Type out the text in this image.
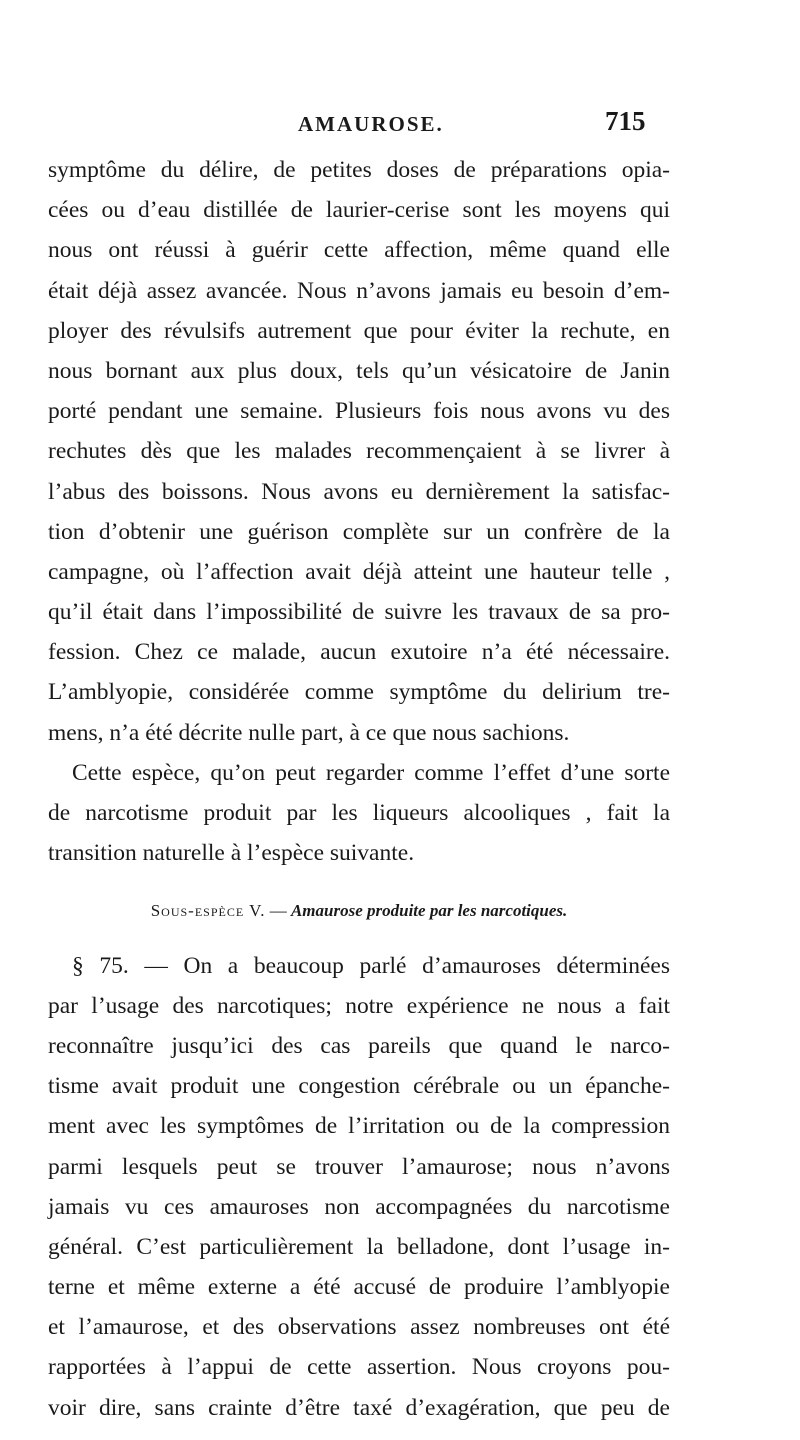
AMAUROSE.	715
symptôme du délire, de petites doses de préparations opia-
cées ou d’eau distillée de laurier-cerise sont les moyens qui
nous ont réussi à guérir cette affection, même quand elle
était déjà assez avancée. Nous n’avons jamais eu besoin d’em-
ployer des révulsifs autrement que pour éviter la rechute, en
nous bornant aux plus doux, tels qu’un vésicatoire de Janin
porté pendant une semaine. Plusieurs fois nous avons vu des
rechutes dès que les malades recommençaient à se livrer à
l’abus des boissons. Nous avons eu dernièrement la satisfac-
tion d’obtenir une guérison complète sur un confrère de la
campagne, où l’affection avait déjà atteint une hauteur telle ,
qu’il était dans l’impossibilité de suivre les travaux de sa pro-
fession. Chez ce malade, aucun exutoire n’a été nécessaire.
L’amblyopie, considérée comme symptôme du delirium tre-
mens, n’a été décrite nulle part, à ce que nous sachions.
Cette espèce, qu’on peut regarder comme l’effet d’une sorte
de narcotisme produit par les liqueurs alcooliques , fait la
transition naturelle à l’espèce suivante.
Sous-espèce V. — Amaurose produite par les narcotiques.
§ 75. — On a beaucoup parlé d’amauroses déterminées
par l’usage des narcotiques; notre expérience ne nous a fait
reconnaître jusqu’ici des cas pareils que quand le narco-
tisme avait produit une congestion cérébrale ou un épanche-
ment avec les symptômes de l’irritation ou de la compression
parmi lesquels peut se trouver l’amaurose; nous n’avons
jamais vu ces amauroses non accompagnées du narcotisme
général. C’est particulièrement la belladone, dont l’usage in-
terne et même externe a été accusé de produire l’amblyopie
et l’amaurose, et des observations assez nombreuses ont été
rapportées à l’appui de cette assertion. Nous croyons pou-
voir dire, sans crainte d’être taxé d’exagération, que peu de
